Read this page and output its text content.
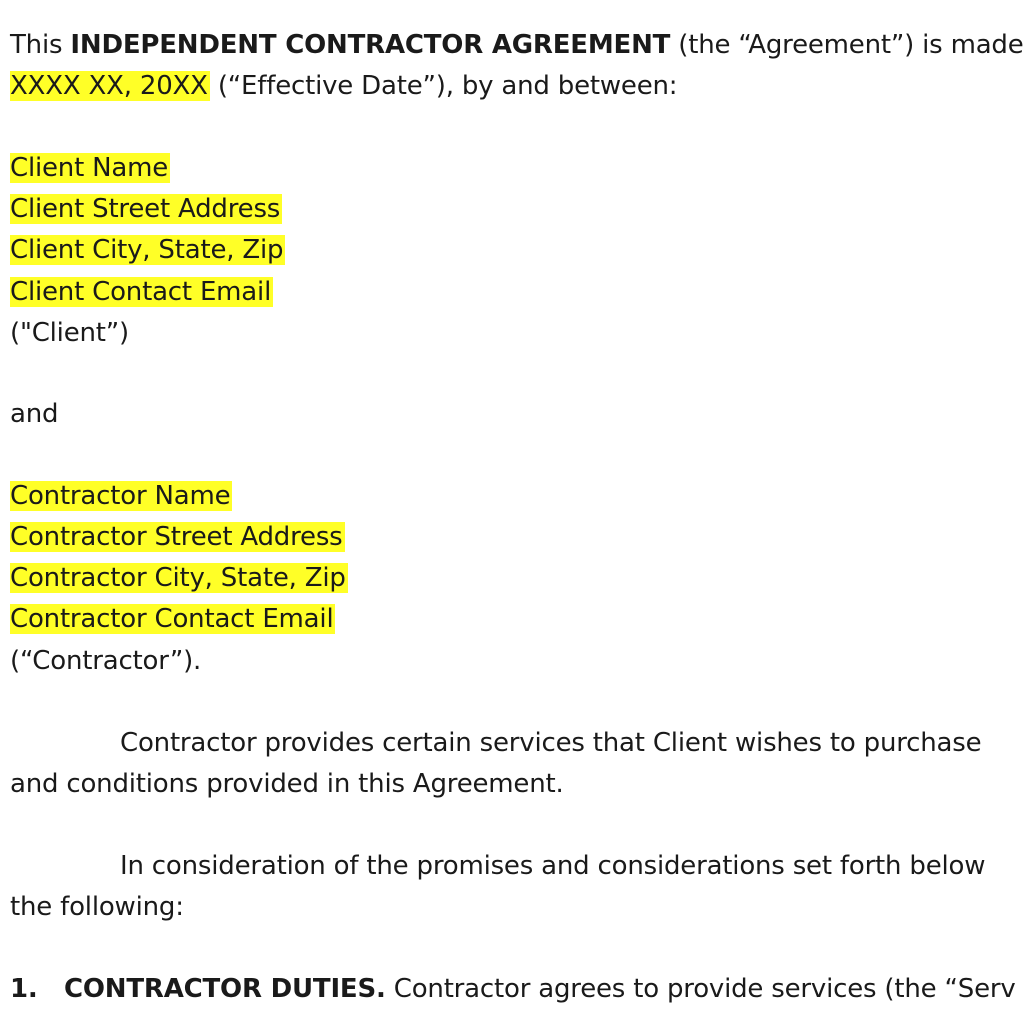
This INDEPENDENT CONTRACTOR AGREEMENT (the “Agreement”) is made
XXXX XX, 20XX (“Effective Date”), by and between:
Client Name
Client Street Address
Client City, State, Zip
Client Contact Email
("Client”)
and
Contractor Name
Contractor Street Address
Contractor City, State, Zip
Contractor Contact Email
(“Contractor”).
Contractor provides certain services that Client wishes to purchase
and conditions provided in this Agreement.
In consideration of the promises and considerations set forth below
the following:
1. CONTRACTOR DUTIES. Contractor agrees to provide services (the “Serv
